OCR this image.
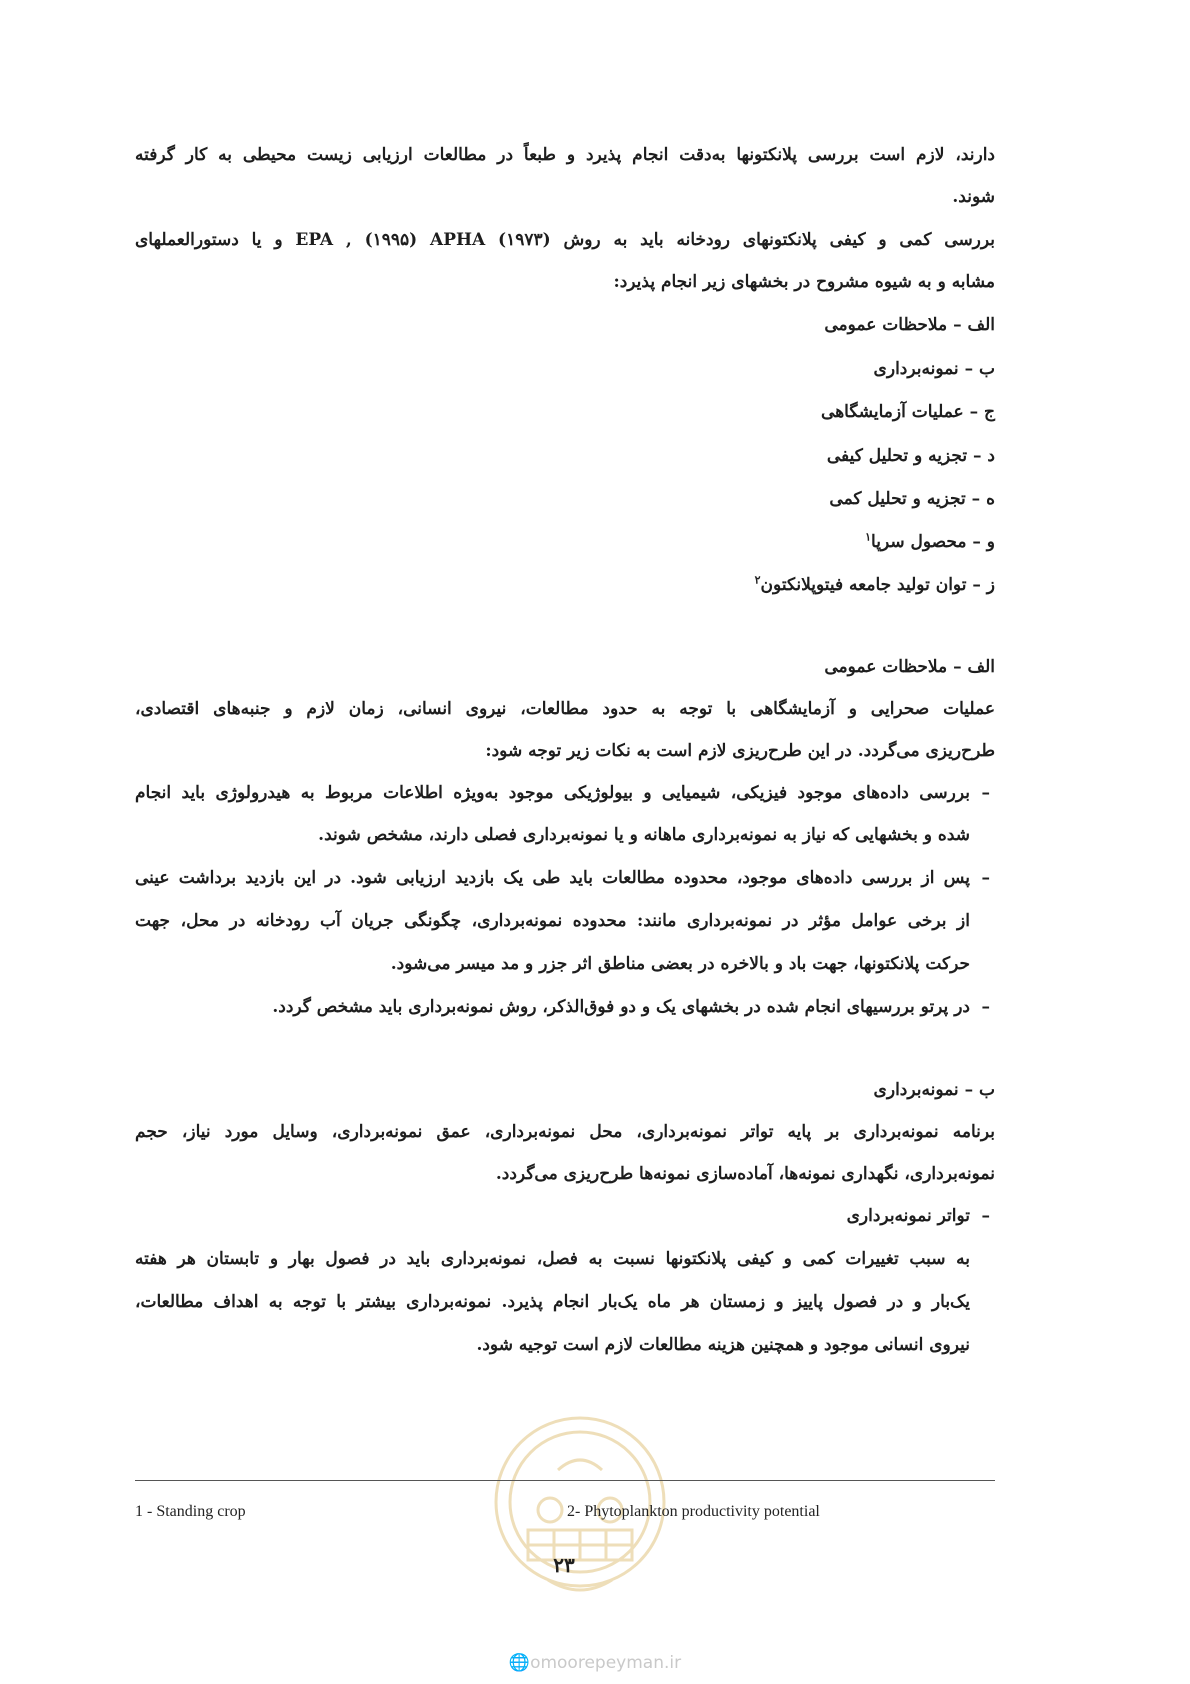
دارند، لازم است بررسی پلانکتونها به‌دقت انجام پذیرد و طبعاً در مطالعات ارزیابی زیست محیطی به کار گرفته
شوند.
بررسی کمی و کیفی پلانکتونهای رودخانه باید به روش (۱۹۷۳) EPA , (۱۹۹۵) APHA و یا دستورالعملهای
مشابه و به شیوه مشروح در بخشهای زیر انجام پذیرد:
الف – ملاحظات عمومی
ب – نمونه‌برداری
ج – عملیات آزمایشگاهی
د – تجزیه و تحلیل کیفی
ه – تجزیه و تحلیل کمی
و – محصول سرپا$^۱$
ز – توان تولید جامعه فیتوپلانکتون$^۲$
الف – ملاحظات عمومی
عملیات صحرایی و آزمایشگاهی با توجه به حدود مطالعات، نیروی انسانی، زمان لازم و جنبه‌های اقتصادی،
طرح‌ریزی می‌گردد. در این طرح‌ریزی لازم است به نکات زیر توجه شود:
–
بررسی داده‌های موجود فیزیکی، شیمیایی و بیولوژیکی موجود به‌ویژه اطلاعات مربوط به هیدرولوژی باید انجام
شده و بخشهایی که نیاز به نمونه‌برداری ماهانه و یا نمونه‌برداری فصلی دارند، مشخص شوند.
–
پس از بررسی داده‌های موجود، محدوده مطالعات باید طی یک بازدید ارزیابی شود. در این بازدید برداشت عینی
از برخی عوامل مؤثر در نمونه‌برداری مانند: محدوده نمونه‌برداری، چگونگی جریان آب رودخانه در محل، جهت
حرکت پلانکتونها، جهت باد و بالاخره در بعضی مناطق اثر جزر و مد میسر می‌شود.
–
در پرتو بررسیهای انجام شده در بخشهای یک و دو فوق‌الذکر، روش نمونه‌برداری باید مشخص گردد.
ب – نمونه‌برداری
برنامه نمونه‌برداری بر پایه تواتر نمونه‌برداری، محل نمونه‌برداری، عمق نمونه‌برداری، وسایل مورد نیاز، حجم
نمونه‌برداری، نگهداری نمونه‌ها، آماده‌سازی نمونه‌ها طرح‌ریزی می‌گردد.
–
تواتر نمونه‌برداری
به سبب تغییرات کمی و کیفی پلانکتونها نسبت به فصل، نمونه‌برداری باید در فصول بهار و تابستان هر هفته
یک‌بار و در فصول پاییز و زمستان هر ماه یک‌بار انجام پذیرد. نمونه‌برداری بیشتر با توجه به اهداف مطالعات،
نیروی انسانی موجود و همچنین هزینه مطالعات لازم است توجیه شود.
1 - Standing crop	2- Phytoplankton productivity potential
۲۳
🌐omoorepeyman.ir
